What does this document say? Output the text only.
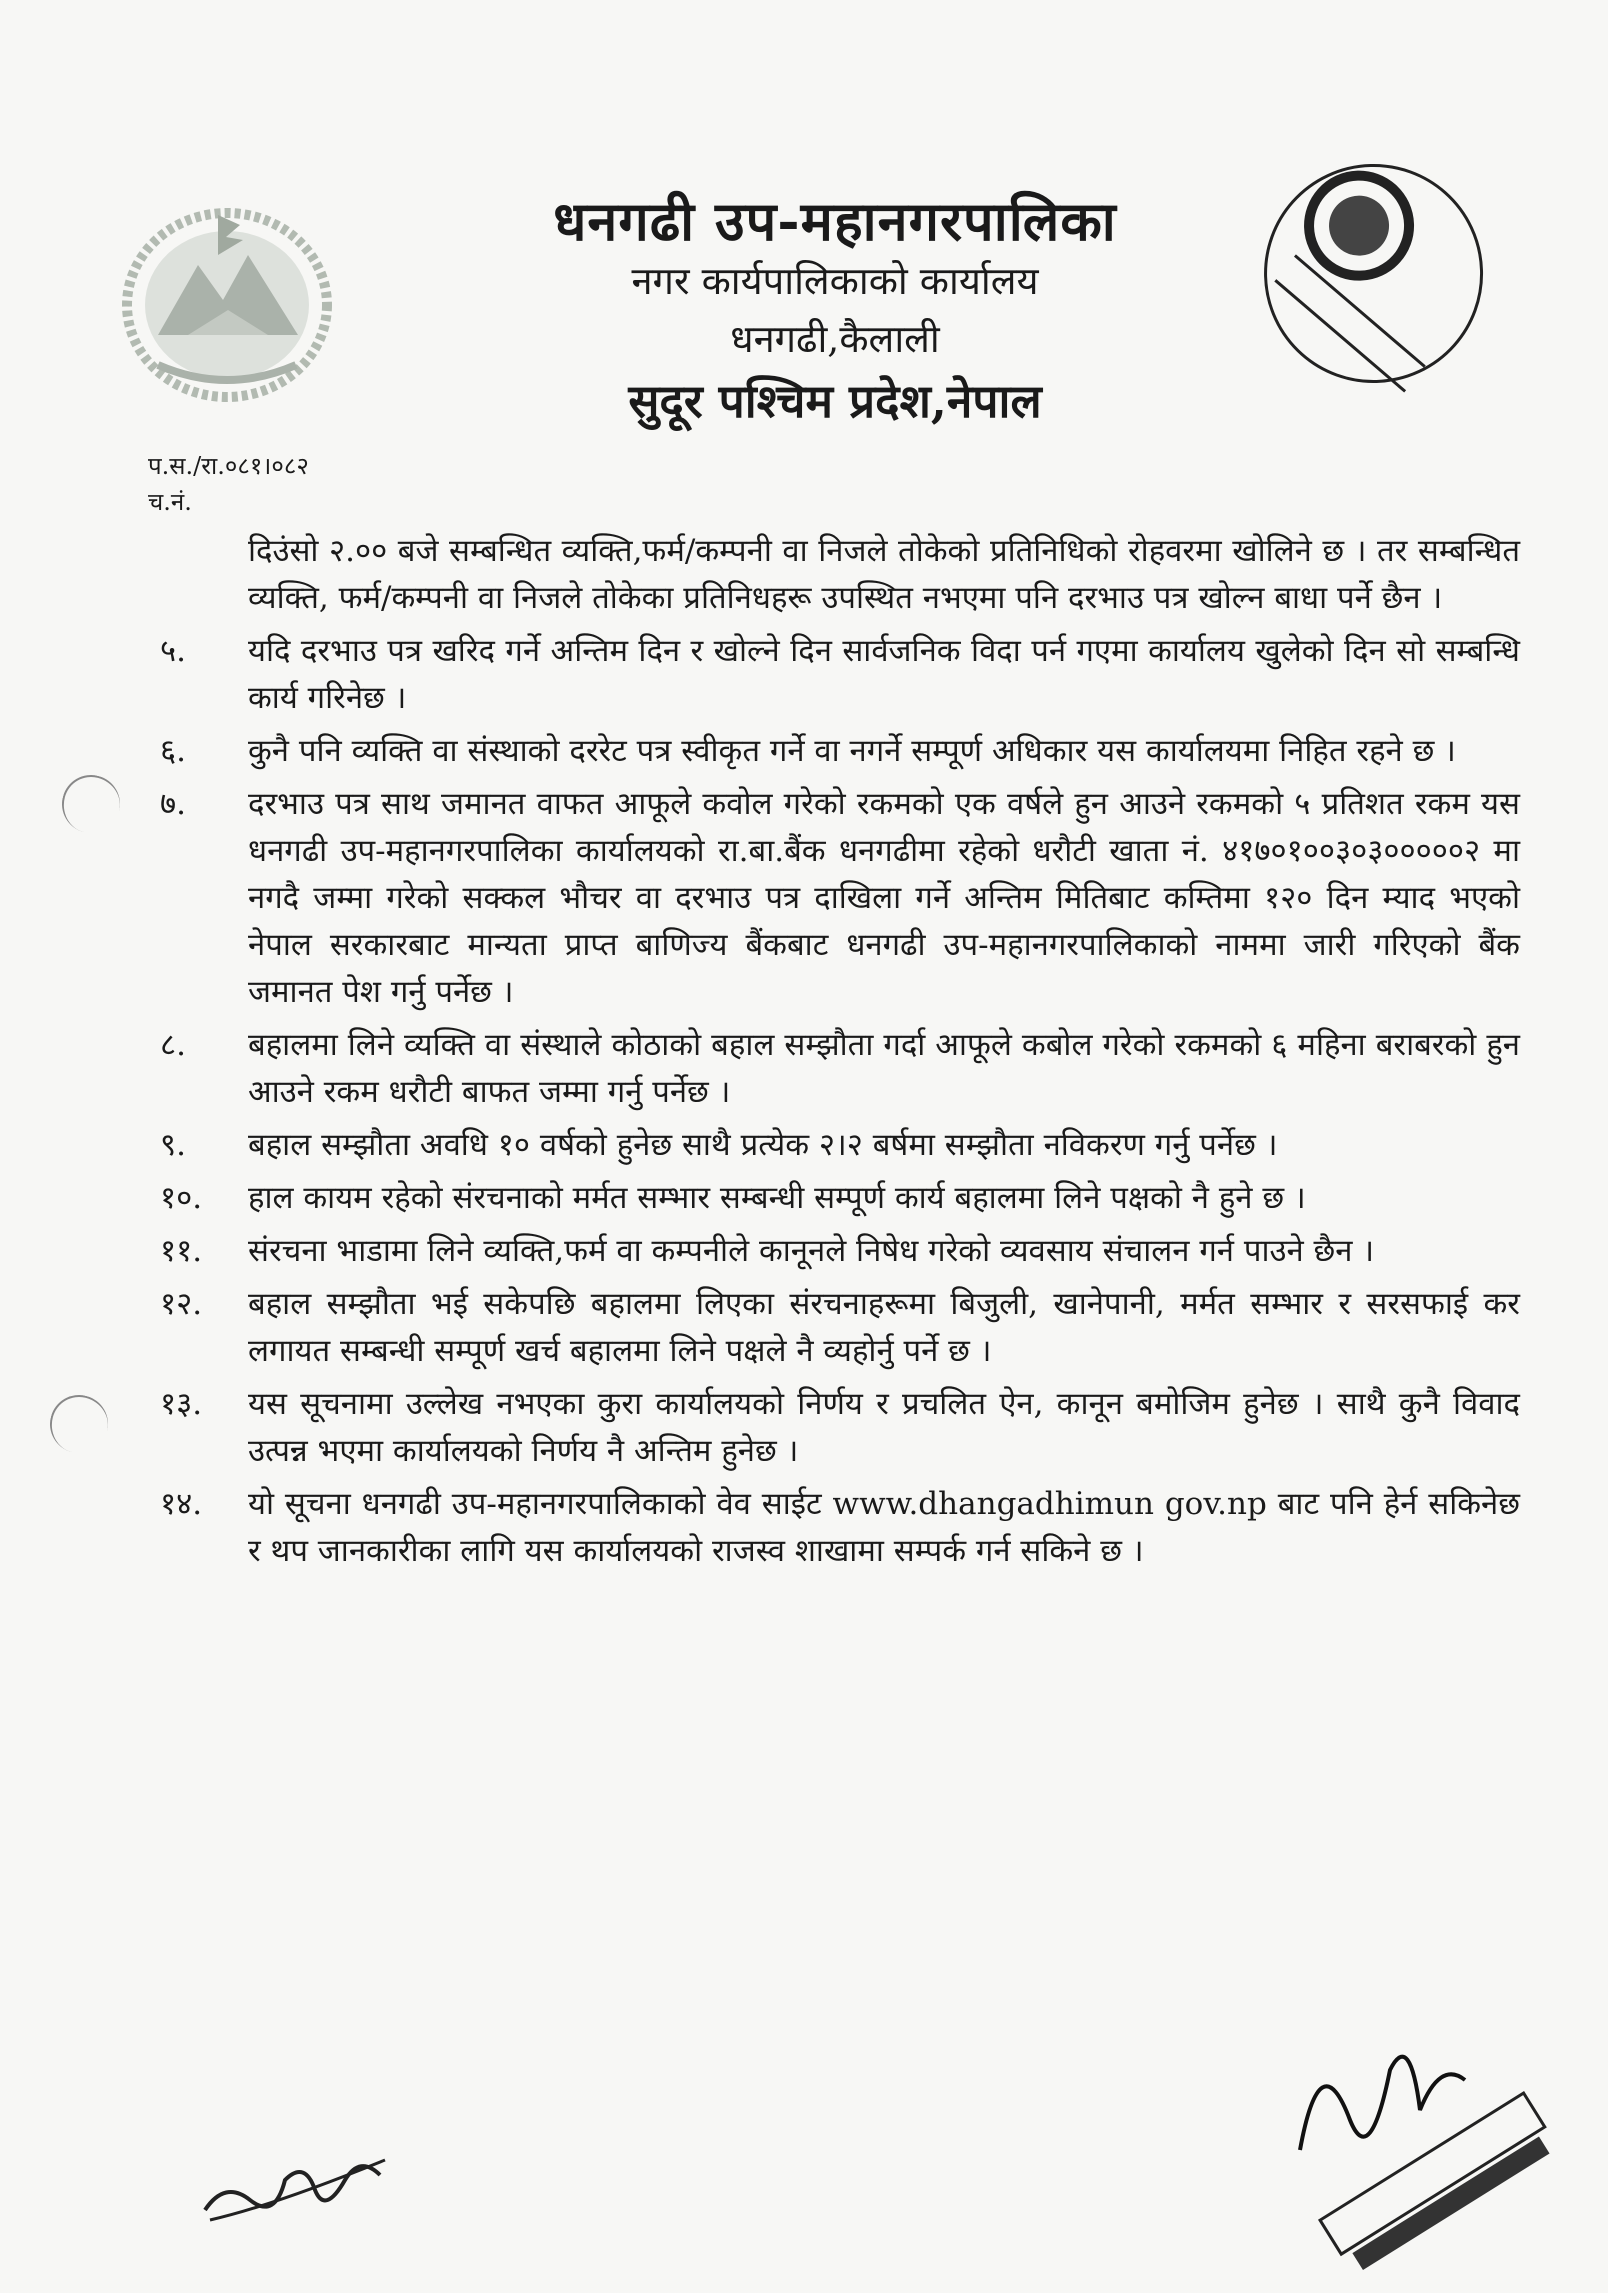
धनगढी उप-महानगरपालिका
नगर कार्यपालिकाको कार्यालय
धनगढी,कैलाली
सुदूर पश्चिम प्रदेश,नेपाल
प.स./रा.०८१।०८२
च.नं.
दिउंसो २.०० बजे सम्बन्धित व्यक्ति,फर्म/कम्पनी वा निजले तोकेको प्रतिनिधिको रोहवरमा खोलिने छ । तर सम्बन्धित व्यक्ति, फर्म/कम्पनी वा निजले तोकेका प्रतिनिधहरू उपस्थित नभएमा पनि दरभाउ पत्र खोल्न बाधा पर्ने छैन ।
५.	यदि दरभाउ पत्र खरिद गर्ने अन्तिम दिन र खोल्ने दिन सार्वजनिक विदा पर्न गएमा कार्यालय खुलेको दिन सो सम्बन्धि कार्य गरिनेछ ।
६.	कुनै पनि व्यक्ति वा संस्थाको दररेट पत्र स्वीकृत गर्ने वा नगर्ने सम्पूर्ण अधिकार यस कार्यालयमा निहित रहने छ ।
७.	दरभाउ पत्र साथ जमानत वाफत आफूले कवोल गरेको रकमको एक वर्षले हुन आउने रकमको ५ प्रतिशत रकम यस धनगढी उप-महानगरपालिका कार्यालयको रा.बा.बैंक धनगढीमा रहेको धरौटी खाता नं. ४१७०१००३०३०००००२ मा नगदै जम्मा गरेको सक्कल भौचर वा दरभाउ पत्र दाखिला गर्ने अन्तिम मितिबाट कम्तिमा १२० दिन म्याद भएको नेपाल सरकारबाट मान्यता प्राप्त बाणिज्य बैंकबाट धनगढी उप-महानगरपालिकाको नाममा जारी गरिएको बैंक जमानत पेश गर्नु पर्नेछ ।
८.	बहालमा लिने व्यक्ति वा संस्थाले कोठाको बहाल सम्झौता गर्दा आफूले कबोल गरेको रकमको ६ महिना बराबरको हुन आउने रकम धरौटी बाफत जम्मा गर्नु पर्नेछ ।
९.	बहाल सम्झौता अवधि १० वर्षको हुनेछ साथै प्रत्येक २।२ बर्षमा सम्झौता नविकरण गर्नु पर्नेछ ।
१०.	हाल कायम रहेको संरचनाको मर्मत सम्भार सम्बन्धी सम्पूर्ण कार्य बहालमा लिने पक्षको नै हुने छ ।
११.	संरचना भाडामा लिने व्यक्ति,फर्म वा कम्पनीले कानूनले निषेध गरेको व्यवसाय संचालन गर्न पाउने छैन ।
१२.	बहाल सम्झौता भई सकेपछि बहालमा लिएका संरचनाहरूमा बिजुली, खानेपानी, मर्मत सम्भार र सरसफाई कर लगायत सम्बन्धी सम्पूर्ण खर्च बहालमा लिने पक्षले नै व्यहोर्नु पर्ने छ ।
१३.	यस सूचनामा उल्लेख नभएका कुरा कार्यालयको निर्णय र प्रचलित ऐन, कानून बमोजिम हुनेछ । साथै कुनै विवाद उत्पन्न भएमा कार्यालयको निर्णय नै अन्तिम हुनेछ ।
१४.	यो सूचना धनगढी उप-महानगरपालिकाको वेव साईट www.dhangadhimun gov.np बाट पनि हेर्न सकिनेछ र थप जानकारीका लागि यस कार्यालयको राजस्व शाखामा सम्पर्क गर्न सकिने छ ।
